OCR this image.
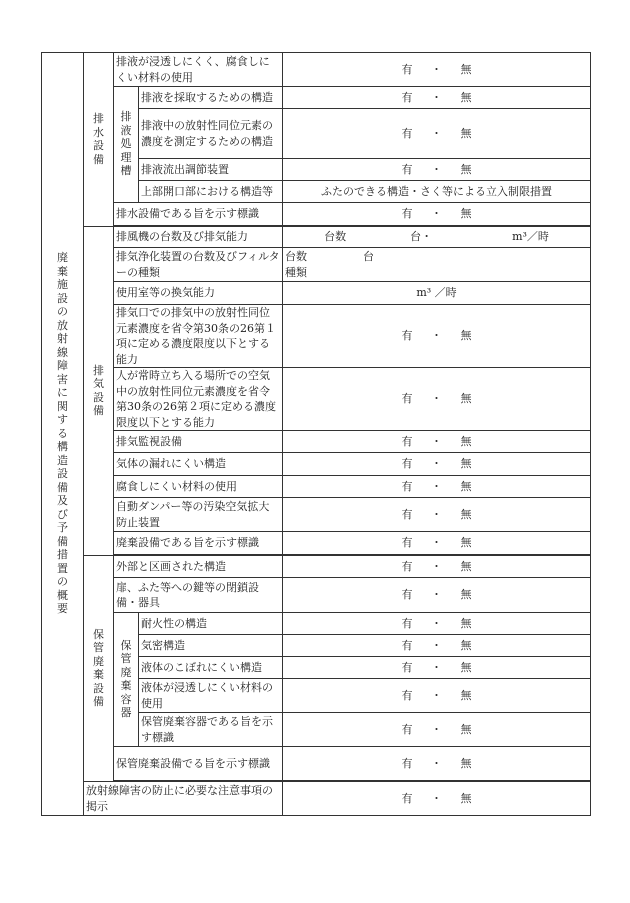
廃棄施設の放射線障害に関する構造設備及び予備措置の概要	排水設備	排液が浸透しにくく、腐食しにくい材料の使用		有 ・ 無
		排液処理槽	排液を採取するための構造	有 ・ 無
			排液中の放射性同位元素の濃度を測定するための構造	有 ・ 無
			排液流出調節装置	有 ・ 無
			上部開口部における構造等	ふたのできる構造・さく等による立入制限措置
		排水設備である旨を示す標識		有 ・ 無

	排気設備	排風機の台数及び排気能力		台数 台・ m³／時
		排気浄化装置の台数及びフィルターの種類		台数 台
種類

		使用室等の換気能力		m³ ／時
		排気口での排気中の放射性同位元素濃度を省令第30条の26第１項に定める濃度限度以下とする能力		有 ・ 無
		人が常時立ち入る場所での空気中の放射性同位元素濃度を省令第30条の26第２項に定める濃度限度以下とする能力		有 ・ 無
		排気監視設備		有 ・ 無
		気体の漏れにくい構造		有 ・ 無
		腐食しにくい材料の使用		有 ・ 無
		自動ダンパー等の汚染空気拡大防止装置		有 ・ 無
		廃棄設備である旨を示す標識		有 ・ 無

	保管廃棄設備	外部と区画された構造		有 ・ 無
		扉、ふた等への鍵等の閉鎖設備・器具		有 ・ 無
		保管廃棄容器	耐火性の構造	有 ・ 無
			気密構造	有 ・ 無
			液体のこぼれにくい構造	有 ・ 無
			液体が浸透しにくい材料の使用	有 ・ 無
			保管廃棄容器である旨を示す標識	有 ・ 無
		保管廃棄設備でる旨を示す標識		有 ・ 無

	放射線障害の防止に必要な注意事項の掲示			有 ・ 無
